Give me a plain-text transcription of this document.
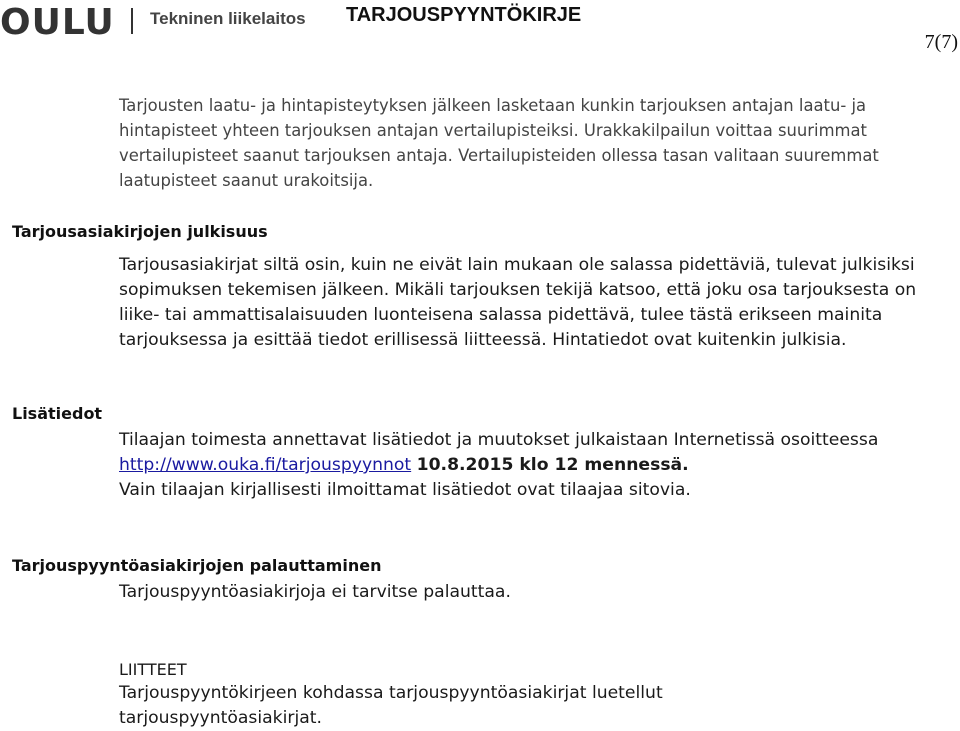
OULU Tekninen liikelaitos TARJOUSPYYNTÖKIRJE
7(7)

Tarjousten laatu- ja hintapisteytyksen jälkeen lasketaan kunkin tarjouksen antajan laatu- ja hintapisteet yhteen tarjouksen antajan vertailupisteiksi. Urakkakilpailun voittaa suurimmat vertailupisteet saanut tarjouksen antaja. Vertailupisteiden ollessa tasan valitaan suuremmat laatupisteet saanut urakoitsija.

Tarjousasiakirjojen julkisuus

Tarjousasiakirjat siltä osin, kuin ne eivät lain mukaan ole salassa pidettäviä, tulevat julkisiksi sopimuksen tekemisen jälkeen. Mikäli tarjouksen tekijä katsoo, että joku osa tarjouksesta on liike- tai ammattisalaisuuden luonteisena salassa pidettävä, tulee tästä erikseen mainita tarjouksessa ja esittää tiedot erillisessä liitteessä. Hintatiedot ovat kuitenkin julkisia.

Lisätiedot

Tilaajan toimesta annettavat lisätiedot ja muutokset julkaistaan Internetissä osoitteessa http://www.ouka.fi/tarjouspyynnot 10.8.2015 klo 12 mennessä.
Vain tilaajan kirjallisesti ilmoittamat lisätiedot ovat tilaajaa sitovia.

Tarjouspyyntöasiakirjojen palauttaminen

Tarjouspyyntöasiakirjoja ei tarvitse palauttaa.

LIITTEET

Tarjouspyyntökirjeen kohdassa tarjouspyyntöasiakirjat luetellut tarjouspyyntöasiakirjat.
